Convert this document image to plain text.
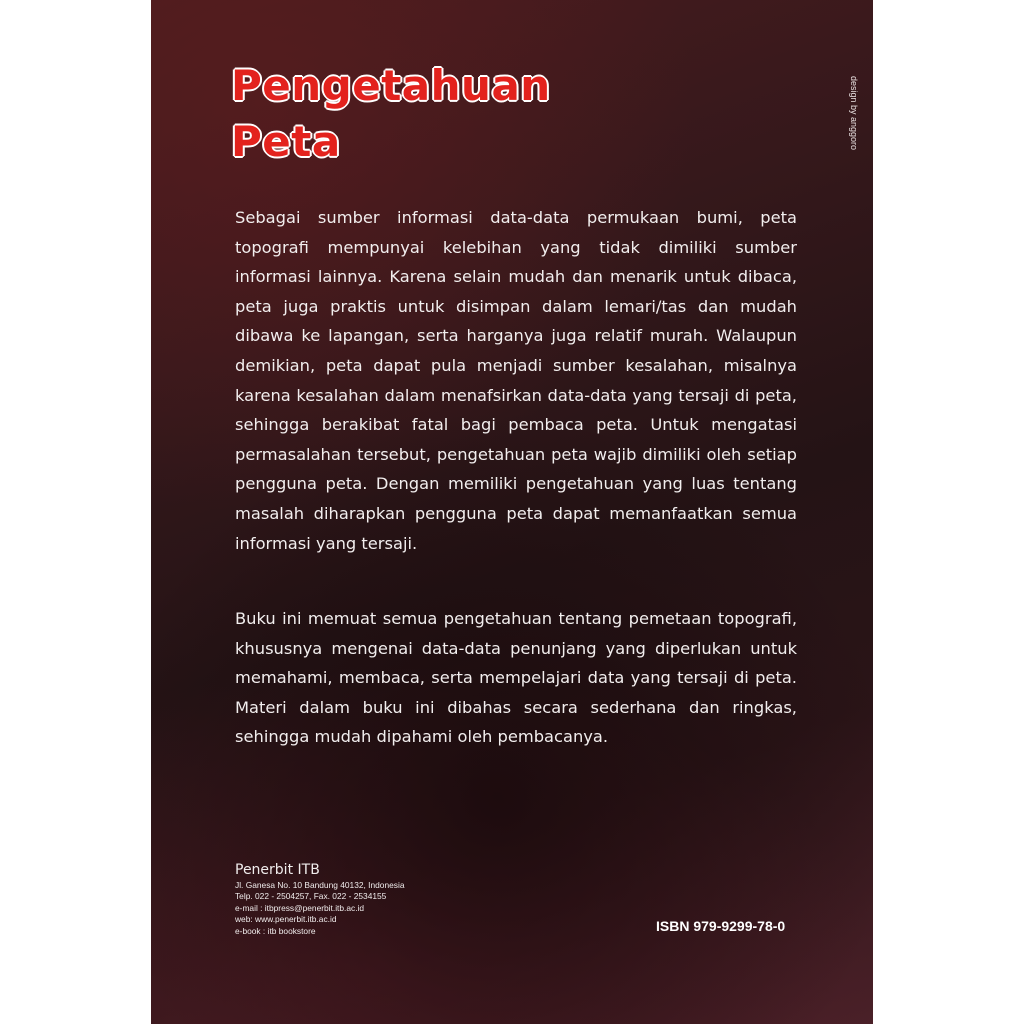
Pengetahuan
Peta	design by anggoro

Sebagai sumber informasi data-data permukaan bumi, peta topografi mempunyai kelebihan yang tidak dimiliki sumber informasi lainnya. Karena selain mudah dan menarik untuk dibaca, peta juga praktis untuk disimpan dalam lemari/tas dan mudah dibawa ke lapangan, serta harganya juga relatif murah. Walaupun demikian, peta dapat pula menjadi sumber kesalahan, misalnya karena kesalahan dalam menafsirkan data-data yang tersaji di peta, sehingga berakibat fatal bagi pembaca peta. Untuk mengatasi permasalahan tersebut, pengetahuan peta wajib dimiliki oleh setiap pengguna peta. Dengan memiliki pengetahuan yang luas tentang masalah diharapkan pengguna peta dapat memanfaatkan semua informasi yang tersaji.

Buku ini memuat semua pengetahuan tentang pemetaan topografi, khususnya mengenai data-data penunjang yang diperlukan untuk memahami, membaca, serta mempelajari data yang tersaji di peta. Materi dalam buku ini dibahas secara sederhana dan ringkas, sehingga mudah dipahami oleh pembacanya.

Penerbit ITB
Jl. Ganesa No. 10 Bandung 40132, Indonesia
Telp. 022 - 2504257, Fax. 022 - 2534155
e-mail : itbpress@penerbit.itb.ac.id
web: www.penerbit.itb.ac.id
e-book : itb bookstore	ISBN 979-9299-78-0
